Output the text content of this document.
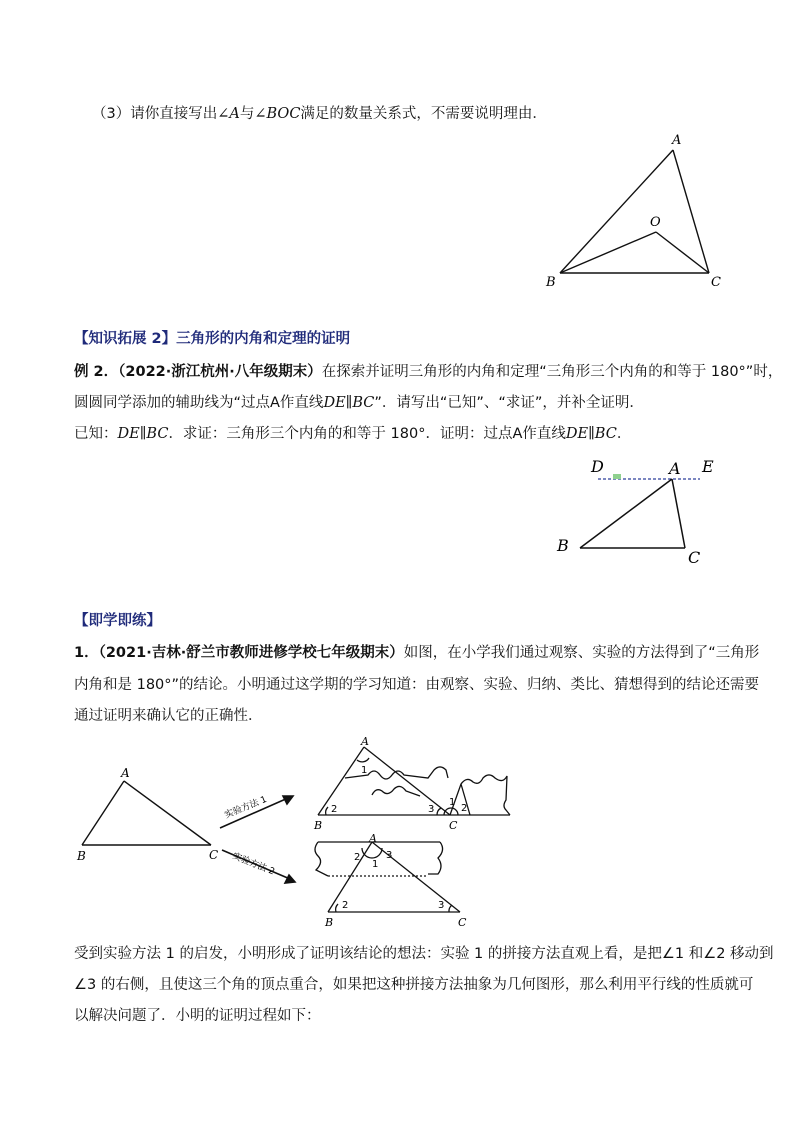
（3）请你直接写出∠A与∠BOC满足的数量关系式，不需要说明理由．
A
B	C
O
【知识拓展 2】三角形的内角和定理的证明
例 2．（2022·浙江杭州·八年级期末）在探索并证明三角形的内角和定理“三角形三个内角的和等于 180°”时，
圆圆同学添加的辅助线为“过点A作直线DE∥BC”．请写出“已知”、“求证”，并补全证明．
已知：DE∥BC．求证：三角形三个内角的和等于 180°．证明：过点A作直线DE∥BC．
D	A E
B
C
【即学即练】
1．（2021·吉林·舒兰市教师进修学校七年级期末）如图，在小学我们通过观察、实验的方法得到了“三角形
内角和是 180°”的结论。小明通过这学期的学习知道：由观察、实验、归纳、类比、猜想得到的结论还需要
通过证明来确认它的正确性．
A
B	C
实验方法 1
实验方法 2
A
B	C
1
2	3
1
2
A
B	C
2	3
1
2	3
受到实验方法 1 的启发，小明形成了证明该结论的想法：实验 1 的拼接方法直观上看，是把∠1 和∠2 移动到
∠3 的右侧，且使这三个角的顶点重合，如果把这种拼接方法抽象为几何图形，那么利用平行线的性质就可
以解决问题了．小明的证明过程如下：
